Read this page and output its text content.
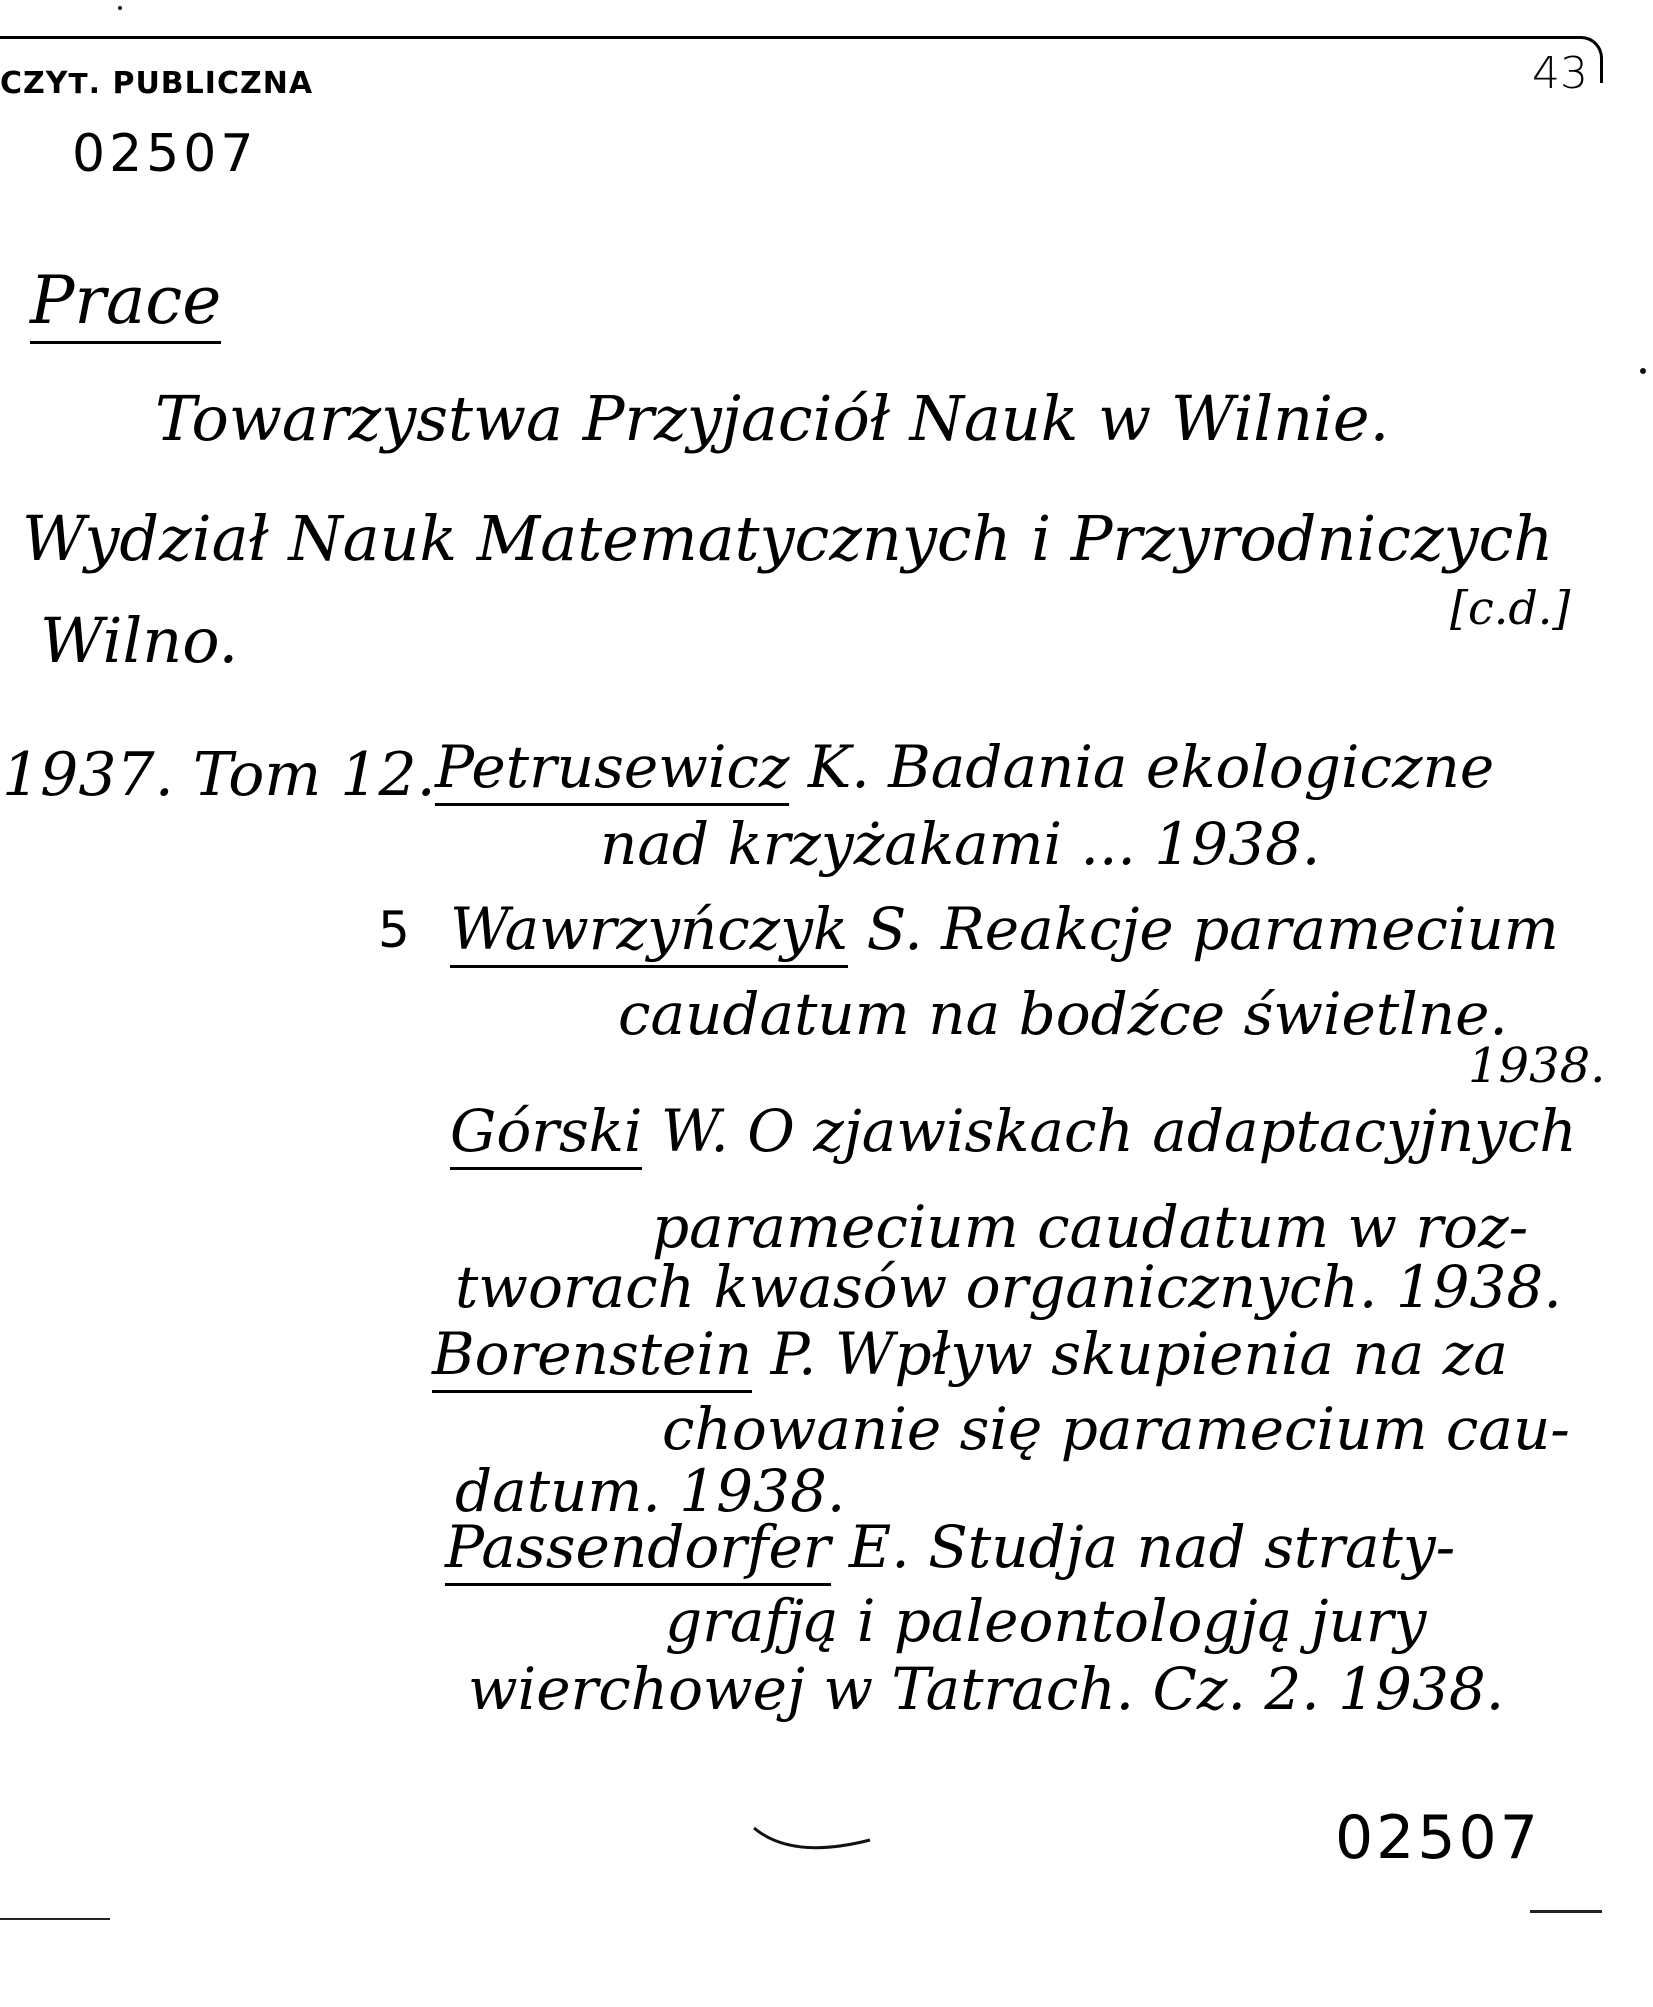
CZYT. PUBLICZNA	43
02507
Prace
Towarzystwa Przyjaciół Nauk w Wilnie.
Wydział Nauk Matematycznych i Przyrodniczych
[c.d.]
Wilno.
1937. Tom 12. Petrusewicz K. Badania ekologiczne
nad krzyżakami ... 1938.
5 Wawrzyńczyk S. Reakcje paramecium
caudatum na bodźce świetlne.
1938.
Górski W. O zjawiskach adaptacyjnych
paramecium caudatum w roz-
tworach kwasów organicznych. 1938.
Borenstein P. Wpływ skupienia na za
chowanie się paramecium cau-
datum. 1938.
Passendorfer E. Studja nad straty-
grafją i paleontologją jury
wierchowej w Tatrach. Cz. 2. 1938.
02507
